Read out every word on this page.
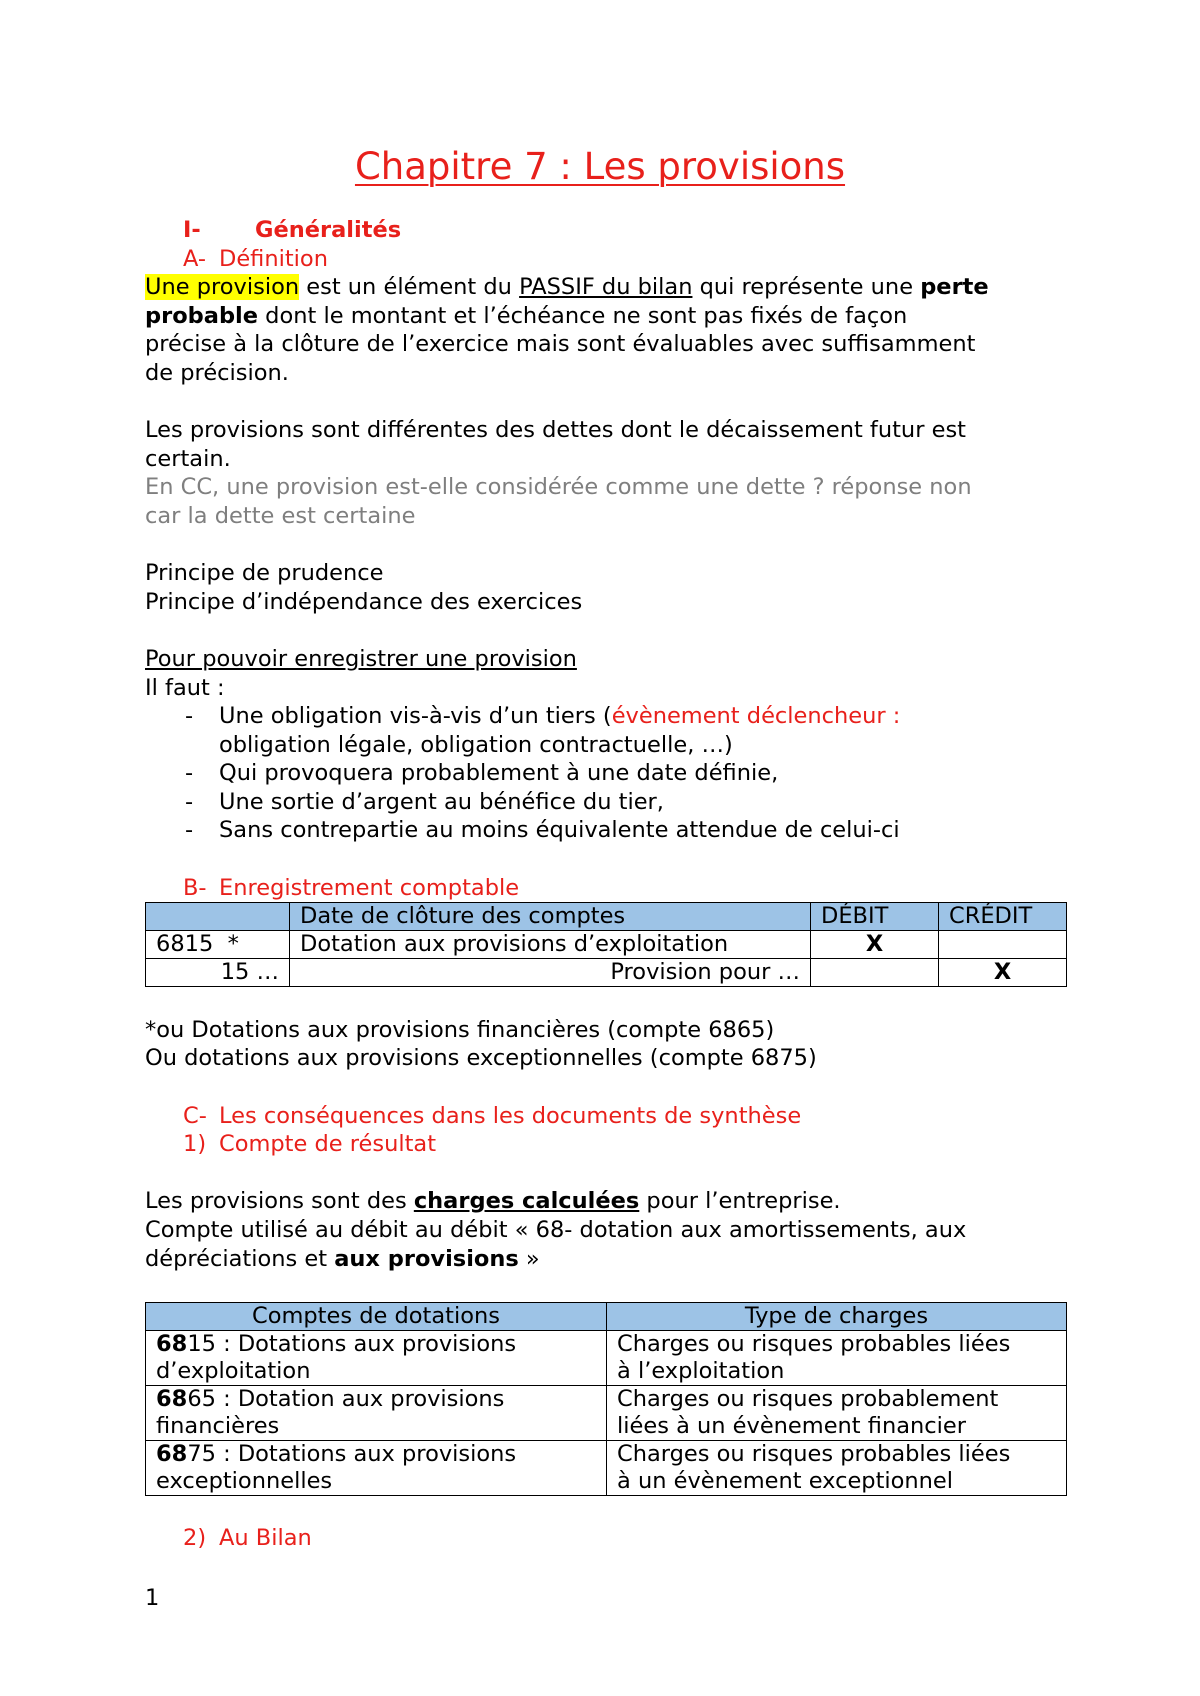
Chapitre 7 : Les provisions
I- Généralités
A- Définition
Une provision est un élément du PASSIF du bilan qui représente une perte
probable dont le montant et l’échéance ne sont pas fixés de façon
précise à la clôture de l’exercice mais sont évaluables avec suffisamment
de précision.
Les provisions sont différentes des dettes dont le décaissement futur est
certain.
En CC, une provision est-elle considérée comme une dette ? réponse non
car la dette est certaine
Principe de prudence
Principe d’indépendance des exercices
Pour pouvoir enregistrer une provision
Il faut :
-	Une obligation vis-à-vis d’un tiers (évènement déclencheur :
obligation légale, obligation contractuelle, …)
-	Qui provoquera probablement à une date définie,
-	Une sortie d’argent au bénéfice du tier,
-	Sans contrepartie au moins équivalente attendue de celui-ci
B- Enregistrement comptable
	Date de clôture des comptes	DÉBIT	CRÉDIT
6815  *	Dotation aux provisions d’exploitation	X	
15 …	Provision pour …		X
*ou Dotations aux provisions financières (compte 6865)
Ou dotations aux provisions exceptionnelles (compte 6875)
C- Les conséquences dans les documents de synthèse
1) Compte de résultat
Les provisions sont des charges calculées pour l’entreprise.
Compte utilisé au débit au débit « 68- dotation aux amortissements, aux
dépréciations et aux provisions »
Comptes de dotations	Type de charges
6815 : Dotations aux provisions
d’exploitation	Charges ou risques probables liées
à l’exploitation
6865 : Dotation aux provisions
financières	Charges ou risques probablement
liées à un évènement financier
6875 : Dotations aux provisions
exceptionnelles	Charges ou risques probables liées
à un évènement exceptionnel
2) Au Bilan
1
